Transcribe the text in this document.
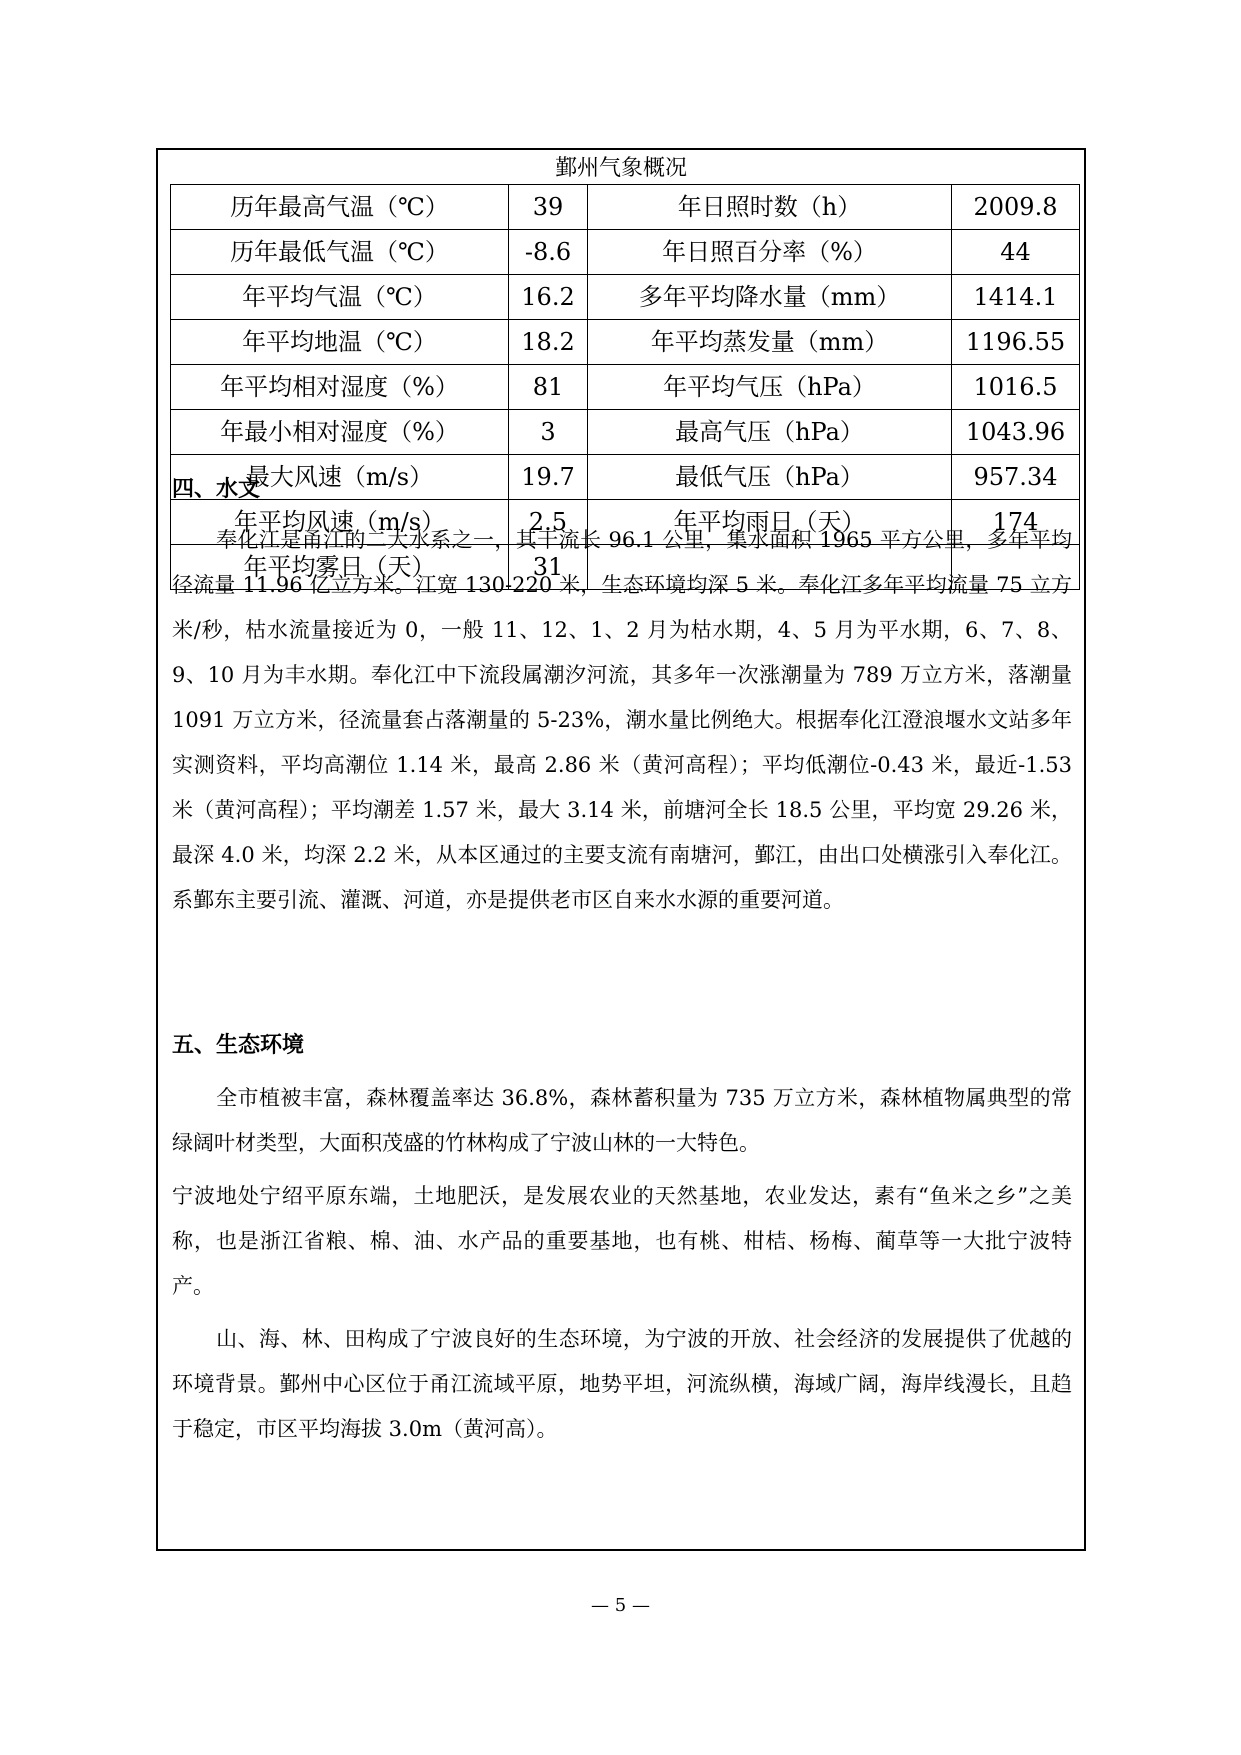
鄞州气象概况
历年最高气温（℃）	39	年日照时数（h）	2009.8
历年最低气温（℃）	-8.6	年日照百分率（%）	44
年平均气温（℃）	16.2	多年平均降水量（mm）	1414.1
年平均地温（℃）	18.2	年平均蒸发量（mm）	1196.55
年平均相对湿度（%）	81	年平均气压（hPa）	1016.5
年最小相对湿度（%）	3	最高气压（hPa）	1043.96
最大风速（m/s）	19.7	最低气压（hPa）	957.34
年平均风速（m/s）	2.5	年平均雨日（天）	174
年平均雾日（天）	31		
四、水文

奉化江是甬江的二大水系之一，其干流长 96.1 公里，集水面积 1965 平方公里，多年平均径流量 11.96 亿立方米。江宽 130-220 米，生态环境均深 5 米。奉化江多年平均流量 75 立方米/秒，枯水流量接近为 0，一般 11、12、1、2 月为枯水期，4、5 月为平水期，6、7、8、9、10 月为丰水期。奉化江中下流段属潮汐河流，其多年一次涨潮量为 789 万立方米，落潮量 1091 万立方米，径流量套占落潮量的 5-23%，潮水量比例绝大。根据奉化江澄浪堰水文站多年实测资料，平均高潮位 1.14 米，最高 2.86 米（黄河高程）；平均低潮位-0.43 米，最近-1.53 米（黄河高程）；平均潮差 1.57 米，最大 3.14 米，前塘河全长 18.5 公里，平均宽 29.26 米，最深 4.0 米，均深 2.2 米，从本区通过的主要支流有南塘河，鄞江，由出口处横涨引入奉化江。系鄞东主要引流、灌溉、河道，亦是提供老市区自来水水源的重要河道。

五、生态环境

全市植被丰富，森林覆盖率达 36.8%，森林蓄积量为 735 万立方米，森林植物属典型的常绿阔叶材类型，大面积茂盛的竹林构成了宁波山林的一大特色。

宁波地处宁绍平原东端，土地肥沃，是发展农业的天然基地，农业发达，素有“鱼米之乡”之美称，也是浙江省粮、棉、油、水产品的重要基地，也有桃、柑桔、杨梅、蔺草等一大批宁波特产。

山、海、林、田构成了宁波良好的生态环境，为宁波的开放、社会经济的发展提供了优越的环境背景。鄞州中心区位于甬江流域平原，地势平坦，河流纵横，海域广阔，海岸线漫长，且趋于稳定，市区平均海拔 3.0m（黄河高）。

— 5 —
